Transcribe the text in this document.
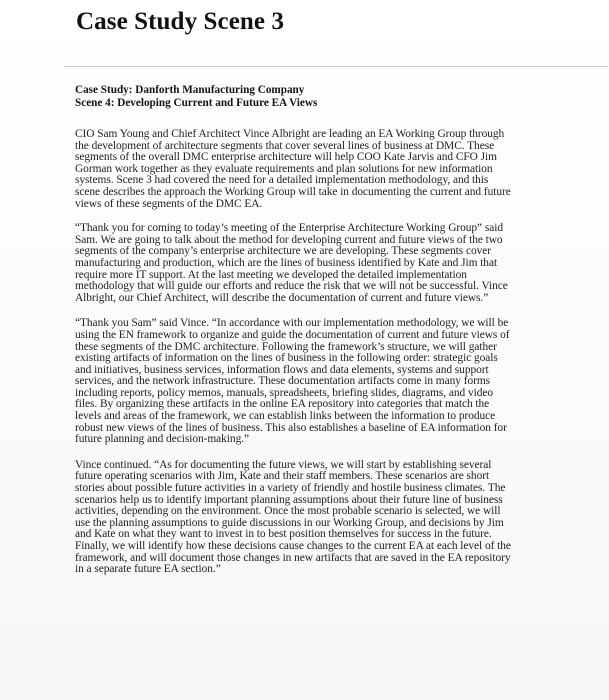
Case Study Scene 3

Case Study: Danforth Manufacturing Company

Scene 4: Developing Current and Future EA Views

CIO Sam Young and Chief Architect Vince Albright are leading an EA Working Group through
the development of architecture segments that cover several lines of business at DMC. These
segments of the overall DMC enterprise architecture will help COO Kate Jarvis and CFO Jim
Gorman work together as they evaluate requirements and plan solutions for new information
systems. Scene 3 had covered the need for a detailed implementation methodology, and this
scene describes the approach the Working Group will take in documenting the current and future
views of these segments of the DMC EA.

“Thank you for coming to today’s meeting of the Enterprise Architecture Working Group” said
Sam. We are going to talk about the method for developing current and future views of the two
segments of the company’s enterprise architecture we are developing. These segments cover
manufacturing and production, which are the lines of business identified by Kate and Jim that
require more IT support. At the last meeting we developed the detailed implementation
methodology that will guide our efforts and reduce the risk that we will not be successful. Vince
Albright, our Chief Architect, will describe the documentation of current and future views.”

“Thank you Sam” said Vince. “In accordance with our implementation methodology, we will be
using the EN framework to organize and guide the documentation of current and future views of
these segments of the DMC architecture. Following the framework’s structure, we will gather
existing artifacts of information on the lines of business in the following order: strategic goals
and initiatives, business services, information flows and data elements, systems and support
services, and the network infrastructure. These documentation artifacts come in many forms
including reports, policy memos, manuals, spreadsheets, briefing slides, diagrams, and video
files. By organizing these artifacts in the online EA repository into categories that match the
levels and areas of the framework, we can establish links between the information to produce
robust new views of the lines of business. This also establishes a baseline of EA information for
future planning and decision-making.”

Vince continued. “As for documenting the future views, we will start by establishing several
future operating scenarios with Jim, Kate and their staff members. These scenarios are short
stories about possible future activities in a variety of friendly and hostile business climates. The
scenarios help us to identify important planning assumptions about their future line of business
activities, depending on the environment. Once the most probable scenario is selected, we will
use the planning assumptions to guide discussions in our Working Group, and decisions by Jim
and Kate on what they want to invest in to best position themselves for success in the future.
Finally, we will identify how these decisions cause changes to the current EA at each level of the
framework, and will document those changes in new artifacts that are saved in the EA repository
in a separate future EA section.”
